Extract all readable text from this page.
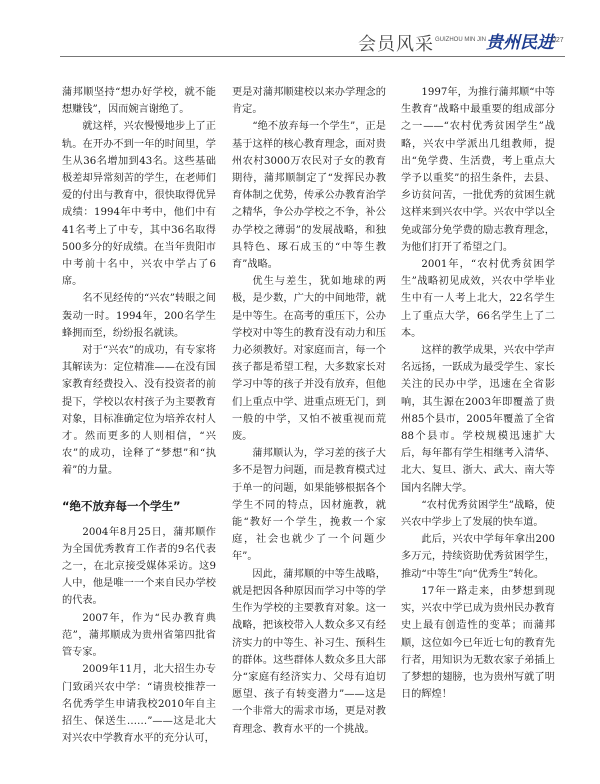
会员风采 GUIZHOU MIN JIN 贵州民进
027

蒲邦顺坚持“想办好学校，就不能想赚钱”，因而婉言谢绝了。

就这样，兴农慢慢地步上了正轨。在开办不到一年的时间里，学生从36名增加到43名。这些基础极差却异常刻苦的学生，在老师们爱的付出与教育中，很快取得优异成绩：1994年中考中，他们中有41名考上了中专，其中36名取得500多分的好成绩。在当年贵阳市中考前十名中，兴农中学占了6席。

名不见经传的“兴农”转眼之间轰动一时。1994年，200名学生蜂拥而至，纷纷报名就读。

对于“兴农”的成功，有专家将其解读为：定位精准——在没有国家教育经费投入、没有投资者的前提下，学校以农村孩子为主要教育对象，目标准确定位为培养农村人才。然而更多的人则相信，“兴农”的成功，诠释了“梦想”和“执着”的力量。

“绝不放弃每一个学生”

2004年8月25日，蒲邦顺作为全国优秀教育工作者的9名代表之一，在北京接受媒体采访。这9人中，他是唯一一个来自民办学校的代表。

2007年，作为“民办教育典范”，蒲邦顺成为贵州省第四批省管专家。

2009年11月，北大招生办专门致函兴农中学：“请贵校推荐一名优秀学生申请我校2010年自主招生、保送生……”——这是北大对兴农中学教育水平的充分认可，

更是对蒲邦顺建校以来办学理念的肯定。

“绝不放弃每一个学生”，正是基于这样的核心教育理念，面对贵州农村3000万农民对子女的教育期待，蒲邦顺制定了“发挥民办教育体制之优势，传承公办教育治学之精华，争公办学校之不争，补公办学校之薄弱”的发展战略，和独具特色、琢石成玉的“中等生教育”战略。

优生与差生，犹如地球的两极，是少数，广大的中间地带，就是中等生。在高考的重压下，公办学校对中等生的教育没有动力和压力必须教好。对家庭而言，每一个孩子都是希望工程，大多数家长对学习中等的孩子并没有放弃，但他们上重点中学、进重点班无门，到一般的中学，又怕不被重视而荒废。

蒲邦顺认为，学习差的孩子大多不是智力问题，而是教育模式过于单一的问题，如果能够根据各个学生不同的特点，因材施教，就能“教好一个学生，挽救一个家庭，社会也就少了一个问题少年”。

因此，蒲邦顺的中等生战略，就是把因各种原因而学习中等的学生作为学校的主要教育对象。这一战略，把该校带入人数众多又有经济实力的中等生、补习生、预科生的群体。这些群体人数众多且大部分“家庭有经济实力、父母有迫切愿望、孩子有转变潜力”——这是一个非常大的需求市场，更是对教育理念、教育水平的一个挑战。

1997年，为推行蒲邦顺“中等生教育”战略中最重要的组成部分之一——“农村优秀贫困学生”战略，兴农中学派出几组教师，提出“免学费、生活费，考上重点大学予以重奖”的招生条件，去县、乡访贫问苦，一批优秀的贫困生就这样来到兴农中学。兴农中学以全免或部分免学费的励志教育理念，为他们打开了希望之门。

2001年，“农村优秀贫困学生”战略初见成效，兴农中学毕业生中有一人考上北大，22名学生上了重点大学，66名学生上了二本。

这样的教学成果，兴农中学声名远扬，一跃成为最受学生、家长关注的民办中学，迅速在全省影响，其生源在2003年即覆盖了贵州85个县市，2005年覆盖了全省88个县市。学校规模迅速扩大后，每年都有学生相继考入清华、北大、复旦、浙大、武大、南大等国内名牌大学。

“农村优秀贫困学生”战略，使兴农中学步上了发展的快车道。

此后，兴农中学每年拿出200多万元，持续资助优秀贫困学生，推动“中等生”向“优秀生”转化。

17年一路走来，由梦想到现实，兴农中学已成为贵州民办教育史上最有创造性的变革；而蒲邦顺，这位如今已年近七旬的教育先行者，用知识为无数农家子弟插上了梦想的翅膀，也为贵州写就了明日的辉煌！
